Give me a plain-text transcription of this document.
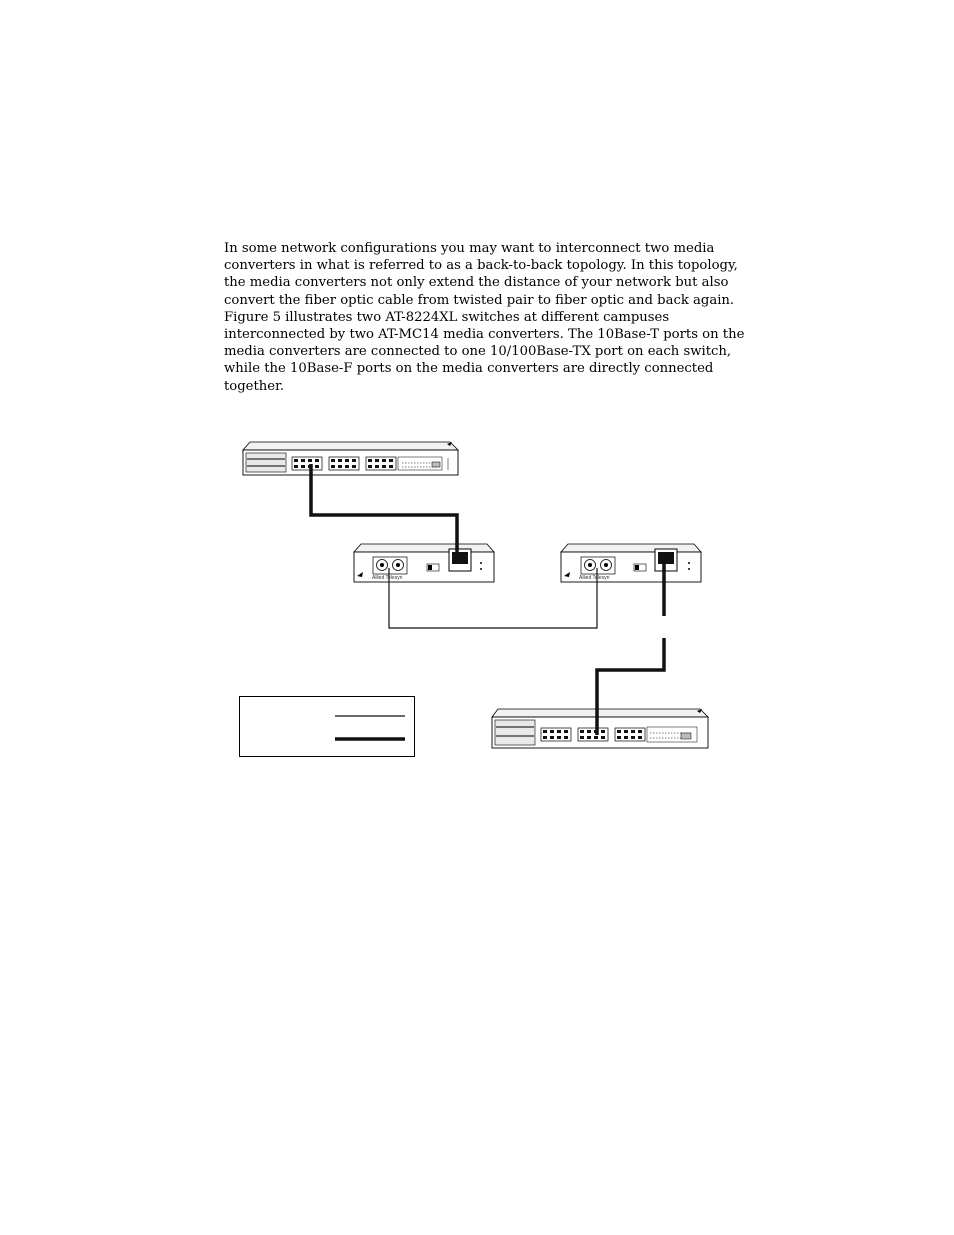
In some network configurations you may want to interconnect two media
converters in what is referred to as a back-to-back topology. In this topology,
the media converters not only extend the distance of your network but also
convert the fiber optic cable from twisted pair to fiber optic and back again.
Figure 5 illustrates two AT-8224XL switches at different campuses
interconnected by two AT-MC14 media converters. The 10Base-T ports on the
media converters are connected to one 10/100Base-TX port on each switch,
while the 10Base-F ports on the media converters are directly connected
together.
Allied Telesyn	Allied Telesyn
